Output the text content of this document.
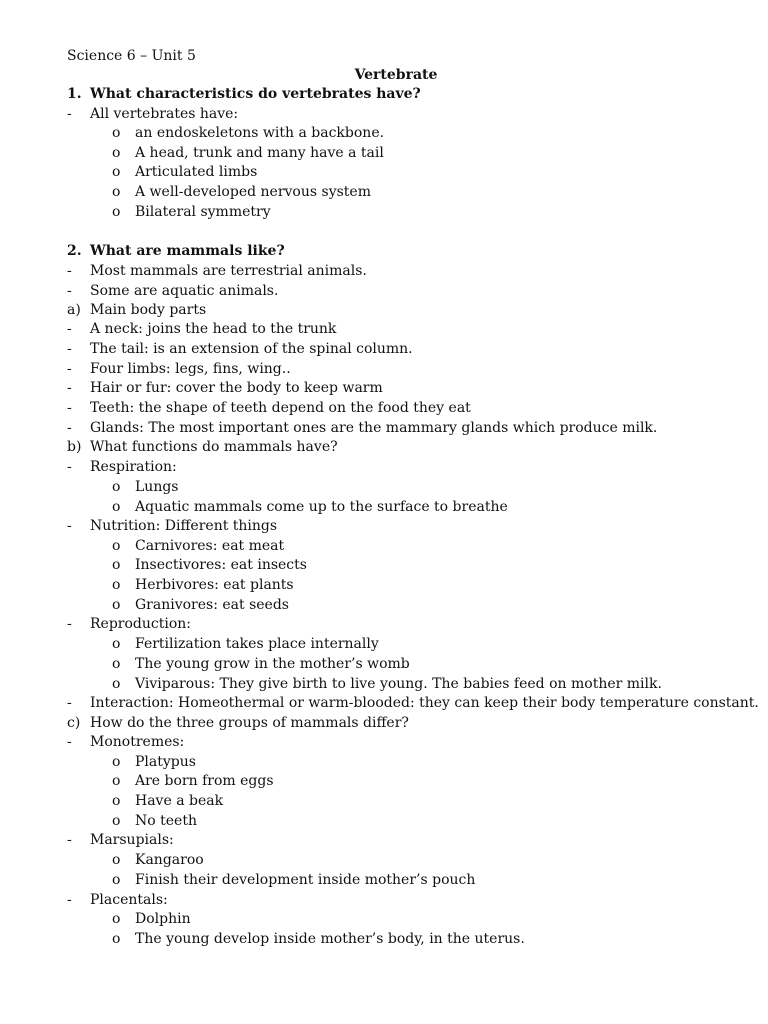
Science 6 – Unit 5
Vertebrate
1. What characteristics do vertebrates have?
- All vertebrates have:
o an endoskeletons with a backbone.
o A head, trunk and many have a tail
o Articulated limbs
o A well-developed nervous system
o Bilateral symmetry
2. What are mammals like?
- Most mammals are terrestrial animals.
- Some are aquatic animals.
a) Main body parts
- A neck: joins the head to the trunk
- The tail: is an extension of the spinal column.
- Four limbs: legs, fins, wing..
- Hair or fur: cover the body to keep warm
- Teeth: the shape of teeth depend on the food they eat
- Glands: The most important ones are the mammary glands which produce milk.
b) What functions do mammals have?
- Respiration:
o Lungs
o Aquatic mammals come up to the surface to breathe
- Nutrition: Different things
o Carnivores: eat meat
o Insectivores: eat insects
o Herbivores: eat plants
o Granivores: eat seeds
- Reproduction:
o Fertilization takes place internally
o The young grow in the mother’s womb
o Viviparous: They give birth to live young. The babies feed on mother milk.
- Interaction: Homeothermal or warm-blooded: they can keep their body temperature constant.
c) How do the three groups of mammals differ?
- Monotremes:
o Platypus
o Are born from eggs
o Have a beak
o No teeth
- Marsupials:
o Kangaroo
o Finish their development inside mother’s pouch
- Placentals:
o Dolphin
o The young develop inside mother’s body, in the uterus.
